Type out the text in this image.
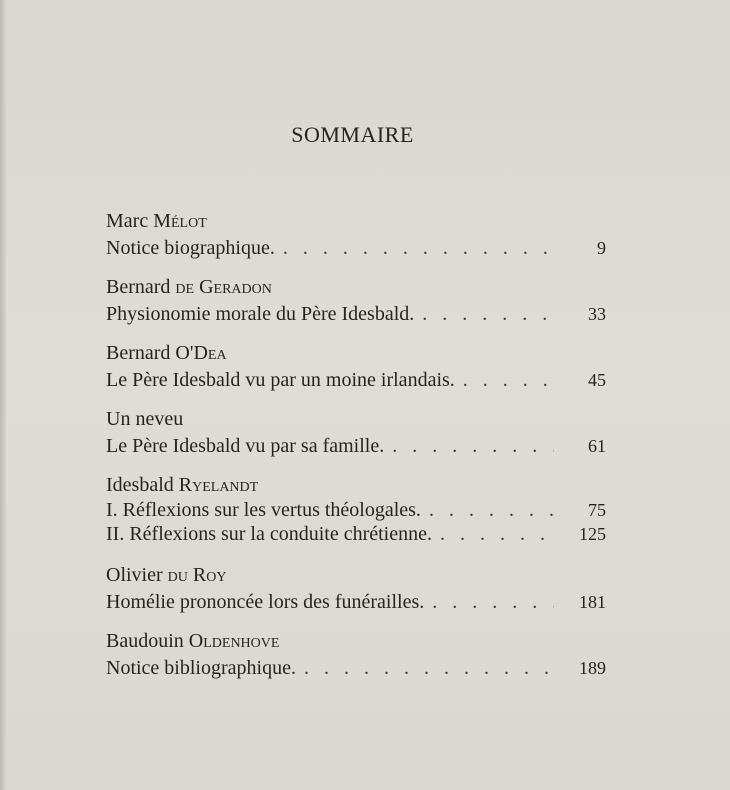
SOMMAIRE
Marc Mélot
Notice biographique. . . .	9
Bernard de Geradon
Physionomie morale du Père Idesbald. . . .	33
Bernard O'Dea
Le Père Idesbald vu par un moine irlandais. . . .	45
Un neveu
Le Père Idesbald vu par sa famille. . . .	61
Idesbald Ryelandt
I. Réflexions sur les vertus théologales. . . .	75
II. Réflexions sur la conduite chrétienne. . . .	125
Olivier du Roy
Homélie prononcée lors des funérailles. . . .	181
Baudouin Oldenhove
Notice bibliographique. . . .	189
